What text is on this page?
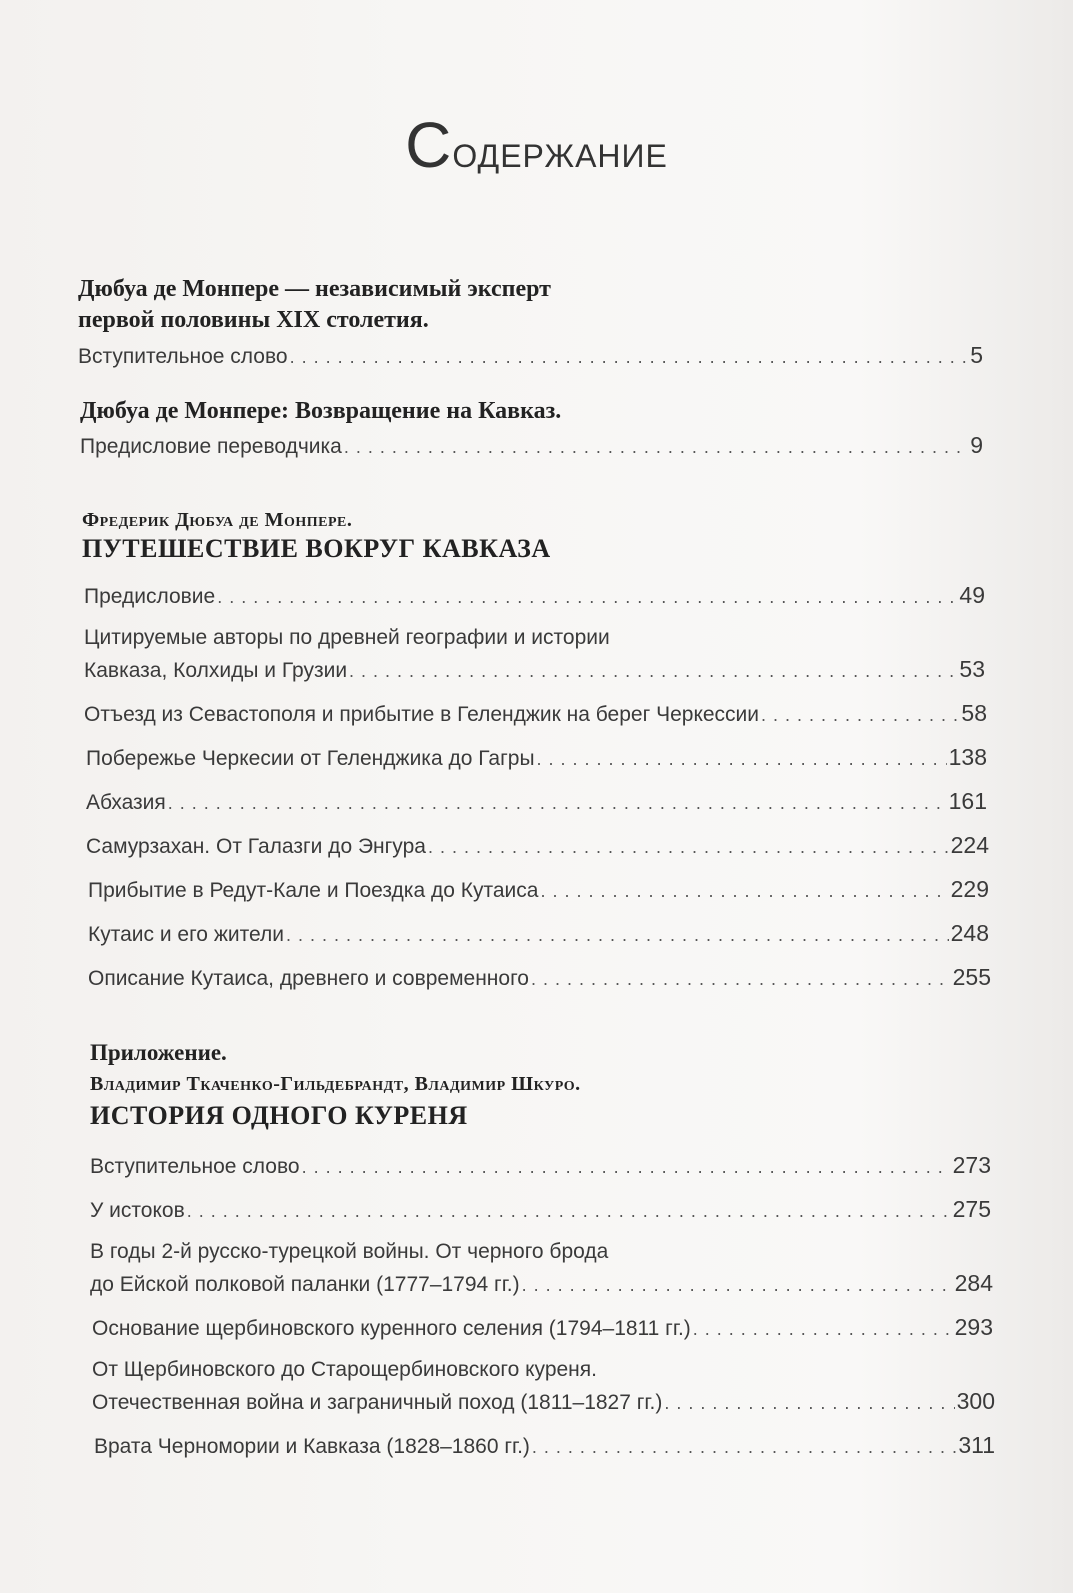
Содержание
Дюбуа де Монпере — независимый эксперт
первой половины XIX столетия.
Вступительное слово . . .	5
Дюбуа де Монпере: Возвращение на Кавказ.
Предисловие переводчика . . .	9
Фредерик Дюбуа де Монпере.
ПУТЕШЕСТВИЕ ВОКРУГ КАВКАЗА
Предисловие . . .	49
Цитируемые авторы по древней географии и истории
Кавказа, Колхиды и Грузии . . .	53
Отъезд из Севастополя и прибытие в Геленджик на берег Черкессии . . .	58
Побережье Черкесии от Геленджика до Гагры . . .	138
Абхазия . . .	161
Самурзахан. От Галазги до Энгура . . .	224
Прибытие в Редут-Кале и Поездка до Кутаиса . . .	229
Кутаис и его жители . . .	248
Описание Кутаиса, древнего и современного . . .	255
Приложение.
Владимир Ткаченко-Гильдебрандт, Владимир Шкуро.
ИСТОРИЯ ОДНОГО КУРЕНЯ
Вступительное слово . . .	273
У истоков . . .	275
В годы 2-й русско-турецкой войны. От черного брода
до Ейской полковой паланки (1777–1794 гг.) . . .	284
Основание щербиновского куренного селения (1794–1811 гг.) . . .	293
От Щербиновского до Старощербиновского куреня.
Отечественная война и заграничный поход (1811–1827 гг.) . . .	300
Врата Черномории и Кавказа (1828–1860 гг.) . . .	311
